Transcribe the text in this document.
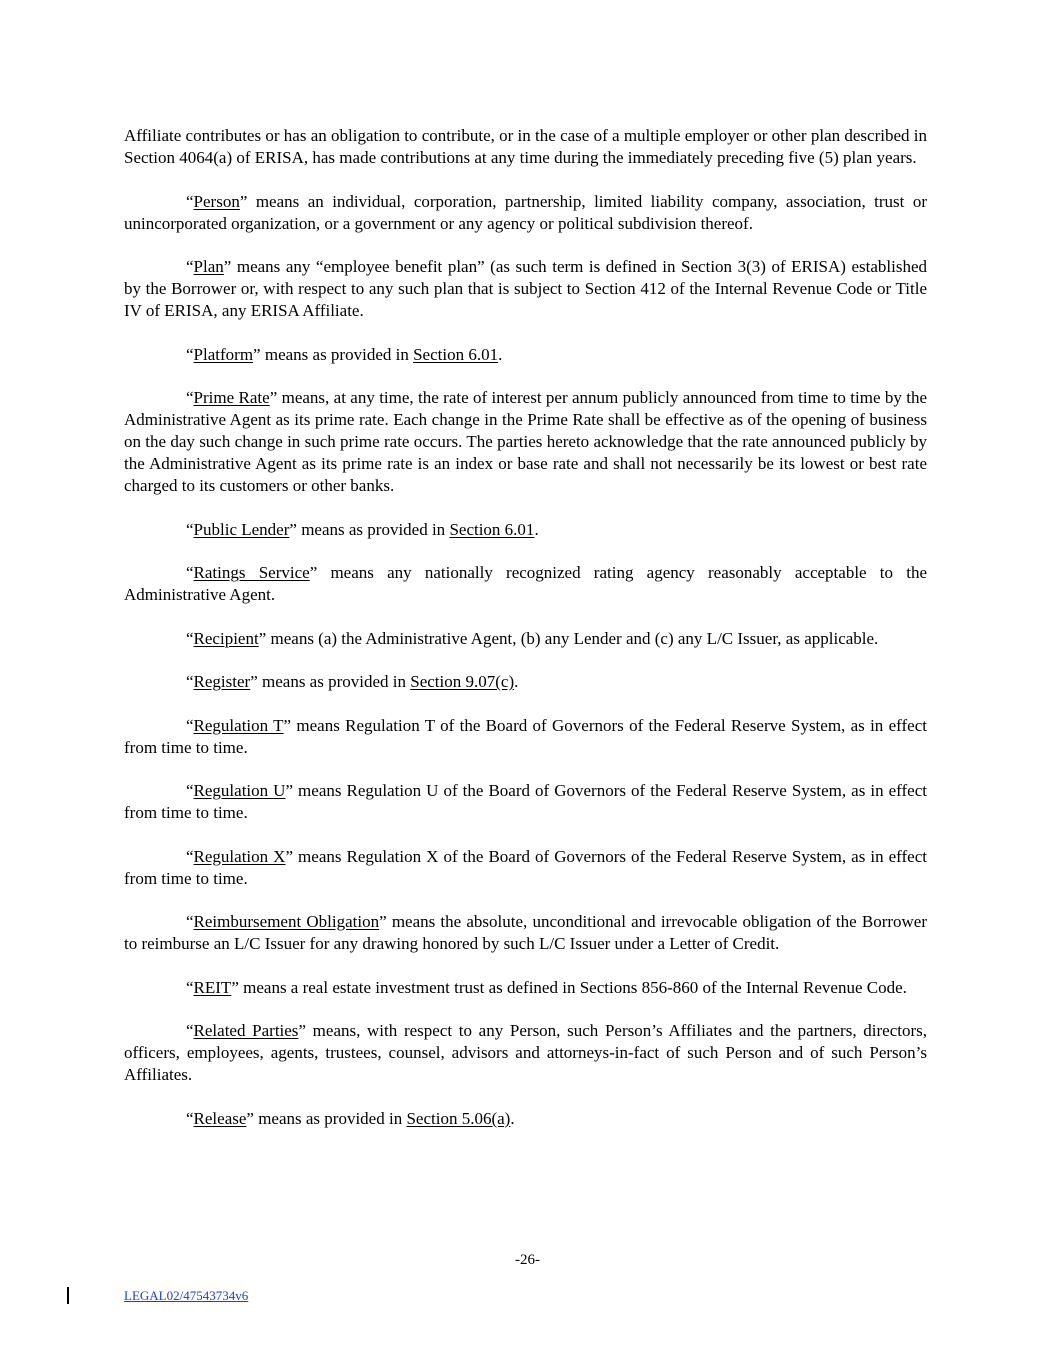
Affiliate contributes or has an obligation to contribute, or in the case of a multiple employer or other plan described in Section 4064(a) of ERISA, has made contributions at any time during the immediately preceding five (5) plan years.

“Person” means an individual, corporation, partnership, limited liability company, association, trust or unincorporated organization, or a government or any agency or political subdivision thereof.

“Plan” means any “employee benefit plan” (as such term is defined in Section 3(3) of ERISA) established by the Borrower or, with respect to any such plan that is subject to Section 412 of the Internal Revenue Code or Title IV of ERISA, any ERISA Affiliate.

“Platform” means as provided in Section 6.01.

“Prime Rate” means, at any time, the rate of interest per annum publicly announced from time to time by the Administrative Agent as its prime rate. Each change in the Prime Rate shall be effective as of the opening of business on the day such change in such prime rate occurs. The parties hereto acknowledge that the rate announced publicly by the Administrative Agent as its prime rate is an index or base rate and shall not necessarily be its lowest or best rate charged to its customers or other banks.

“Public Lender” means as provided in Section 6.01.

“Ratings Service” means any nationally recognized rating agency reasonably acceptable to the Administrative Agent.

“Recipient” means (a) the Administrative Agent, (b) any Lender and (c) any L/C Issuer, as applicable.

“Register” means as provided in Section 9.07(c).

“Regulation T” means Regulation T of the Board of Governors of the Federal Reserve System, as in effect from time to time.

“Regulation U” means Regulation U of the Board of Governors of the Federal Reserve System, as in effect from time to time.

“Regulation X” means Regulation X of the Board of Governors of the Federal Reserve System, as in effect from time to time.

“Reimbursement Obligation” means the absolute, unconditional and irrevocable obligation of the Borrower to reimburse an L/C Issuer for any drawing honored by such L/C Issuer under a Letter of Credit.

“REIT” means a real estate investment trust as defined in Sections 856-860 of the Internal Revenue Code.

“Related Parties” means, with respect to any Person, such Person’s Affiliates and the partners, directors, officers, employees, agents, trustees, counsel, advisors and attorneys-in-fact of such Person and of such Person’s Affiliates.

“Release” means as provided in Section 5.06(a).

-26-
LEGAL02/47543734v6
